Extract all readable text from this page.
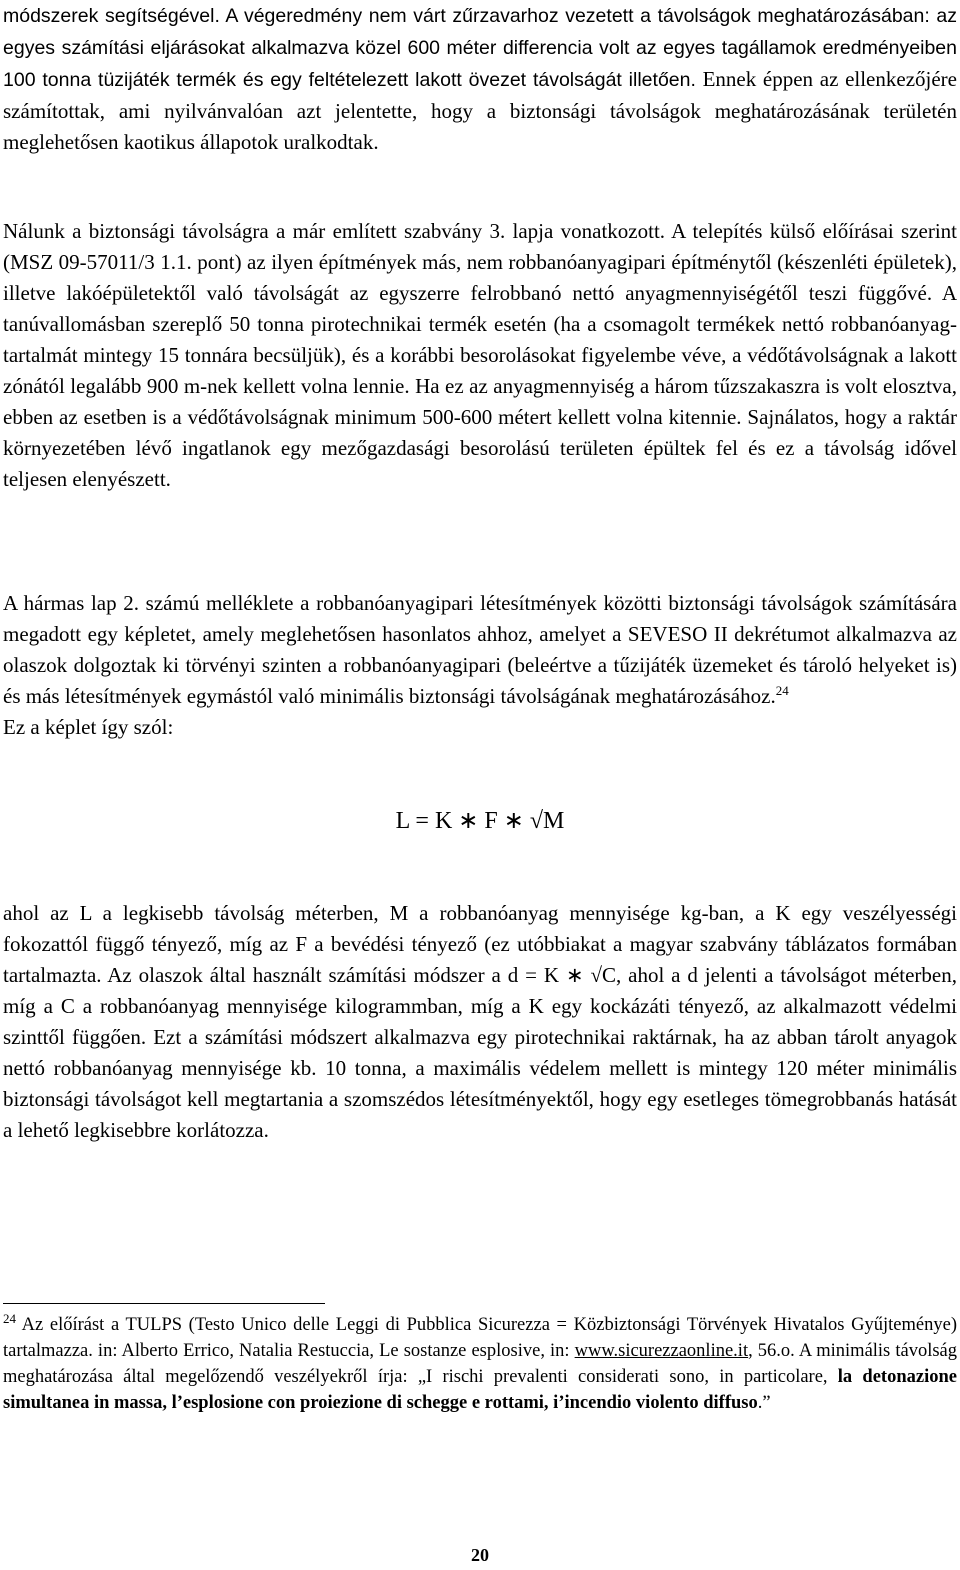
módszerek segítségével. A végeredmény nem várt zűrzavarhoz vezetett a távolságok meghatározásában: az egyes számítási eljárásokat alkalmazva közel 600 méter differencia volt az egyes tagállamok eredményeiben 100 tonna tüzijáték termék és egy feltételezett lakott övezet távolságát illetően. Ennek éppen az ellenkezőjére számítottak, ami nyilvánvalóan azt jelentette, hogy a biztonsági távolságok meghatározásának területén meglehetősen kaotikus állapotok uralkodtak.

Nálunk a biztonsági távolságra a már említett szabvány 3. lapja vonatkozott. A telepítés külső előírásai szerint (MSZ 09-57011/3 1.1. pont) az ilyen építmények más, nem robbanóanyagipari építménytől (készenléti épületek), illetve lakóépületektől való távolságát az egyszerre felrobbanó nettó anyagmennyiségétől teszi függővé. A tanúvallomásban szereplő 50 tonna pirotechnikai termék esetén (ha a csomagolt termékek nettó robbanóanyag-tartalmát mintegy 15 tonnára becsüljük), és a korábbi besorolásokat figyelembe véve, a védőtávolságnak a lakott zónától legalább 900 m-nek kellett volna lennie. Ha ez az anyagmennyiség a három tűzszakaszra is volt elosztva, ebben az esetben is a védőtávolságnak minimum 500-600 métert kellett volna kitennie. Sajnálatos, hogy a raktár környezetében lévő ingatlanok egy mezőgazdasági besorolású területen épültek fel és ez a távolság idővel teljesen elenyészett.

A hármas lap 2. számú melléklete a robbanóanyagipari létesítmények közötti biztonsági távolságok számítására megadott egy képletet, amely meglehetősen hasonlatos ahhoz, amelyet a SEVESO II dekrétumot alkalmazva az olaszok dolgoztak ki törvényi szinten a robbanóanyagipari (beleértve a tűzijáték üzemeket és tároló helyeket is) és más létesítmények egymástól való minimális biztonsági távolságának meghatározásához.$^{24}$
Ez a képlet így szól:

L = K ∗ F ∗ √M

ahol az L a legkisebb távolság méterben, M a robbanóanyag mennyisége kg-ban, a K egy veszélyességi fokozattól függő tényező, míg az F a bevédési tényező (ez utóbbiakat a magyar szabvány táblázatos formában tartalmazta. Az olaszok által használt számítási módszer a d = K ∗ √C, ahol a d jelenti a távolságot méterben, míg a C a robbanóanyag mennyisége kilogrammban, míg a K egy kockázáti tényező, az alkalmazott védelmi szinttől függően. Ezt a számítási módszert alkalmazva egy pirotechnikai raktárnak, ha az abban tárolt anyagok nettó robbanóanyag mennyisége kb. 10 tonna, a maximális védelem mellett is mintegy 120 méter minimális biztonsági távolságot kell megtartania a szomszédos létesítményektől, hogy egy esetleges tömegrobbanás hatását a lehető legkisebbre korlátozza.

$^{24}$ Az előírást a TULPS (Testo Unico delle Leggi di Pubblica Sicurezza = Közbiztonsági Törvények Hivatalos Gyűjteménye) tartalmazza. in: Alberto Errico, Natalia Restuccia, Le sostanze esplosive, in: www.sicurezzaonline.it, 56.o. A minimális távolság meghatározása által megelőzendő veszélyekről írja: „I rischi prevalenti considerati sono, in particolare, la detonazione simultanea in massa, l’esplosione con proiezione di schegge e rottami, i’incendio violento diffuso.”

20
